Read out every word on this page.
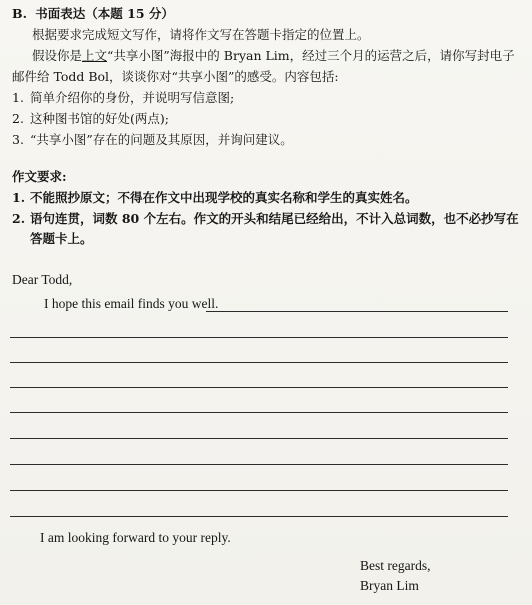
B. 书面表达（本题 15 分）
根据要求完成短文写作，请将作文写在答题卡指定的位置上。
假设你是上文“共享小图”海报中的 Bryan Lim，经过三个月的运营之后，请你写封电子
邮件给 Todd Bol，谈谈你对“共享小图”的感受。内容包括:
1. 简单介绍你的身份，并说明写信意图;
2. 这种图书馆的好处(两点);
3. “共享小图”存在的问题及其原因，并询问建议。
作文要求:
1. 不能照抄原文；不得在作文中出现学校的真实名称和学生的真实姓名。
2. 语句连贯，词数 80 个左右。作文的开头和结尾已经给出，不计入总词数，也不必抄写在
答题卡上。
Dear Todd,
I hope this email finds you well.
I am looking forward to your reply.
Best regards,
Bryan Lim
